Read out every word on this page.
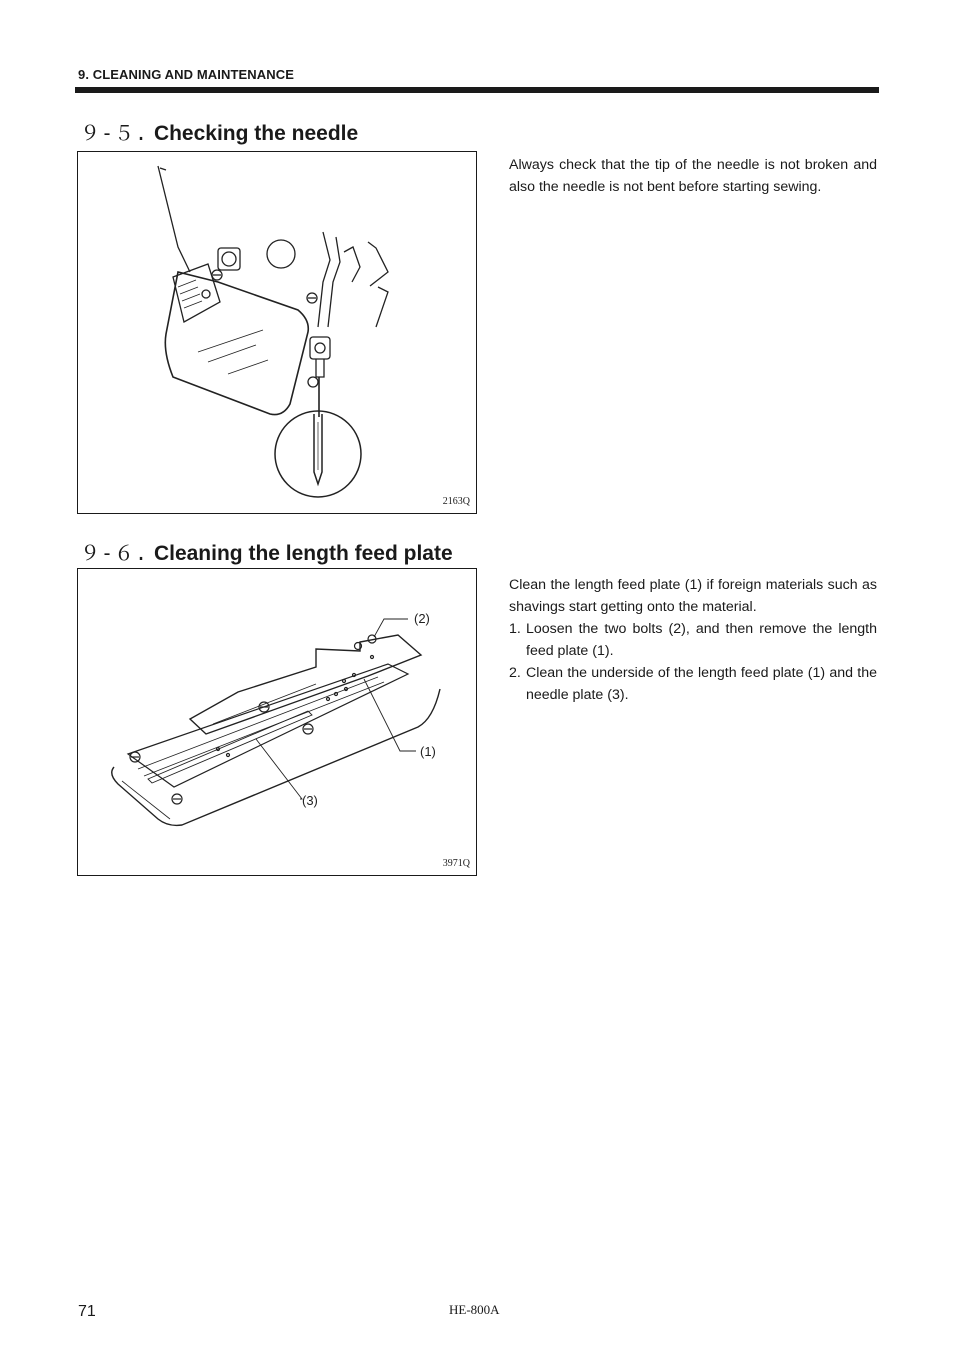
9. CLEANING AND MAINTENANCE
９-５. Checking the needle
2163Q

Always check that the tip of the needle is not broken and also the needle is not bent before starting sewing.

９-６. Cleaning the length feed plate
(2)
(1)
(3)
3971Q

Clean the length feed plate (1) if foreign materials such as shavings start getting onto the material.

1. Loosen the two bolts (2), and then remove the length feed plate (1).
2. Clean the underside of the length feed plate (1) and the needle plate (3).
71	HE-800A
